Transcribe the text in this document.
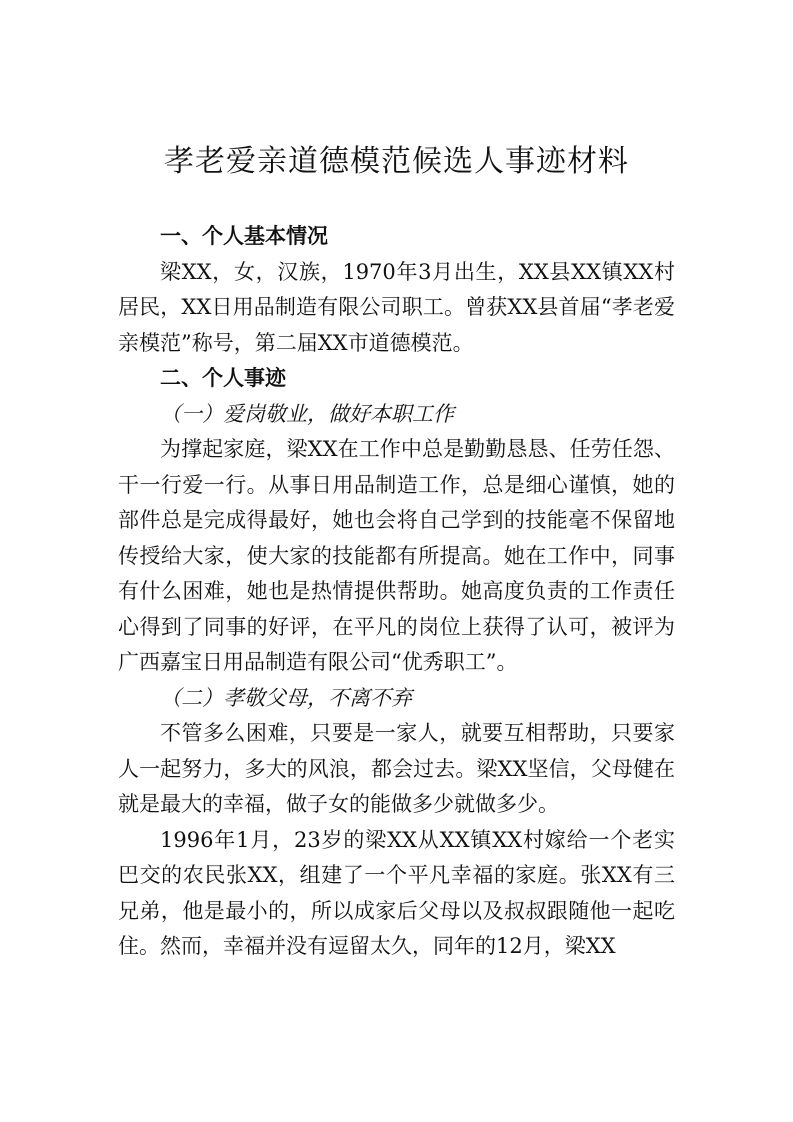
孝老爱亲道德模范候选人事迹材料

一、个人基本情况

梁XX，女，汉族，1970年3月出生，XX县XX镇XX村居民，XX日用品制造有限公司职工。曾获XX县首届“孝老爱亲模范”称号，第二届XX市道德模范。

二、个人事迹

（一）爱岗敬业，做好本职工作

为撑起家庭，梁XX在工作中总是勤勤恳恳、任劳任怨、干一行爱一行。从事日用品制造工作，总是细心谨慎，她的部件总是完成得最好，她也会将自己学到的技能毫不保留地传授给大家，使大家的技能都有所提高。她在工作中，同事有什么困难，她也是热情提供帮助。她高度负责的工作责任心得到了同事的好评，在平凡的岗位上获得了认可，被评为广西嘉宝日用品制造有限公司“优秀职工”。

（二）孝敬父母，不离不弃

不管多么困难，只要是一家人，就要互相帮助，只要家人一起努力，多大的风浪，都会过去。梁XX坚信，父母健在就是最大的幸福，做子女的能做多少就做多少。

1996年1月，23岁的梁XX从XX镇XX村嫁给一个老实巴交的农民张XX，组建了一个平凡幸福的家庭。张XX有三兄弟，他是最小的，所以成家后父母以及叔叔跟随他一起吃住。然而，幸福并没有逗留太久，同年的12月，梁XX
